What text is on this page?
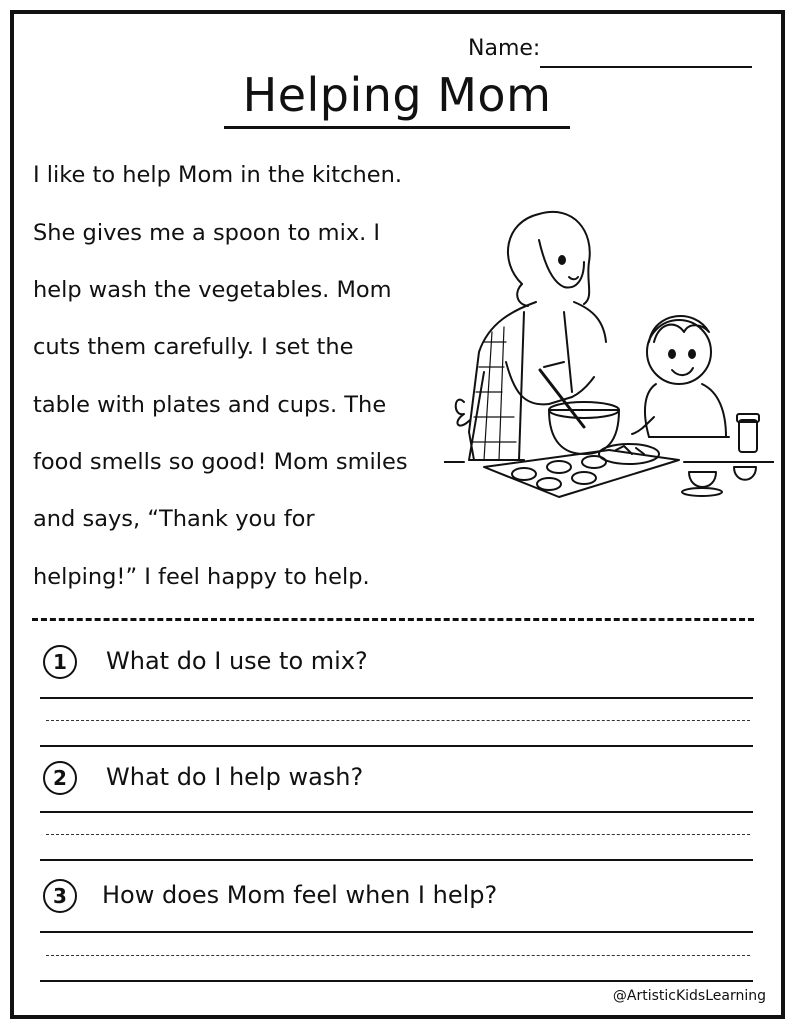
Name:
Helping Mom
I like to help Mom in the kitchen.
She gives me a spoon to mix. I
help wash the vegetables. Mom
cuts them carefully. I set the
table with plates and cups. The
food smells so good! Mom smiles
and says, “Thank you for
helping!” I feel happy to help.
1	What do I use to mix?
2	What do I help wash?
3	How does Mom feel when I help?
@ArtisticKidsLearning
